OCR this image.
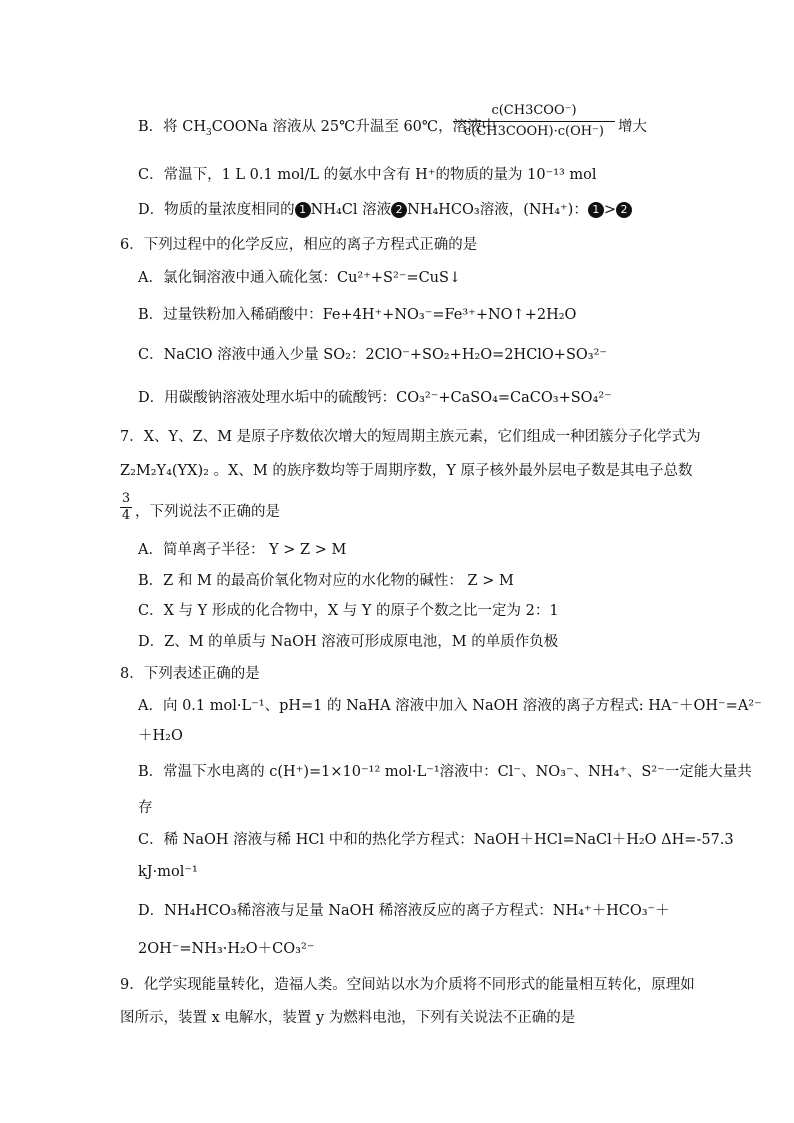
B．将 $CH_3COONa$ 溶液从 25℃升温至 60℃，溶液中
c(CH3COO⁻)
c(CH3COOH)·c(OH⁻) 增大
C．常温下，1 L 0.1 mol/L 的氨水中含有 H⁺的物质的量为 10⁻¹³ mol
D．物质的量浓度相同的 1 NH₄Cl 溶液 2 NH₄HCO₃溶液，(NH₄⁺)： 1 > 2
6．下列过程中的化学反应，相应的离子方程式正确的是
A．氯化铜溶液中通入硫化氢：Cu²⁺+S²⁻=CuS↓
B．过量铁粉加入稀硝酸中：Fe+4H⁺+NO₃⁻=Fe³⁺+NO↑+2H₂O
C．NaClO 溶液中通入少量 SO₂：2ClO⁻+SO₂+H₂O=2HClO+SO₃²⁻
D．用碳酸钠溶液处理水垢中的硫酸钙：CO₃²⁻+CaSO₄=CaCO₃+SO₄²⁻
7．X、Y、Z、M 是原子序数依次增大的短周期主族元素，它们组成一种团簇分子化学式为
Z₂M₂Y₄(YX)₂ 。X、M 的族序数均等于周期序数，Y 原子核外最外层电子数是其电子总数
$\frac{3}{4}$ ，下列说法不正确的是
A．简单离子半径： Y > Z > M
B．Z 和 M 的最高价氧化物对应的水化物的碱性： Z > M
C．X 与 Y 形成的化合物中，X 与 Y 的原子个数之比一定为 2：1
D．Z、M 的单质与 NaOH 溶液可形成原电池，M 的单质作负极
8．下列表述正确的是
A．向 0.1 mol·L⁻¹、pH=1 的 NaHA 溶液中加入 NaOH 溶液的离子方程式: HA⁻＋OH⁻=A²⁻
＋H₂O
B．常温下水电离的 c(H⁺)=1×10⁻¹² mol·L⁻¹溶液中：Cl⁻、NO₃⁻、NH₄⁺、S²⁻一定能大量共
存
C．稀 NaOH 溶液与稀 HCl 中和的热化学方程式：NaOH＋HCl=NaCl＋H₂O ΔH=-57.3
kJ·mol⁻¹
D．NH₄HCO₃稀溶液与足量 NaOH 稀溶液反应的离子方程式：NH₄⁺＋HCO₃⁻＋
2OH⁻=NH₃·H₂O＋CO₃²⁻
9．化学实现能量转化，造福人类。空间站以水为介质将不同形式的能量相互转化，原理如
图所示，装置 x 电解水，装置 y 为燃料电池，下列有关说法不正确的是
